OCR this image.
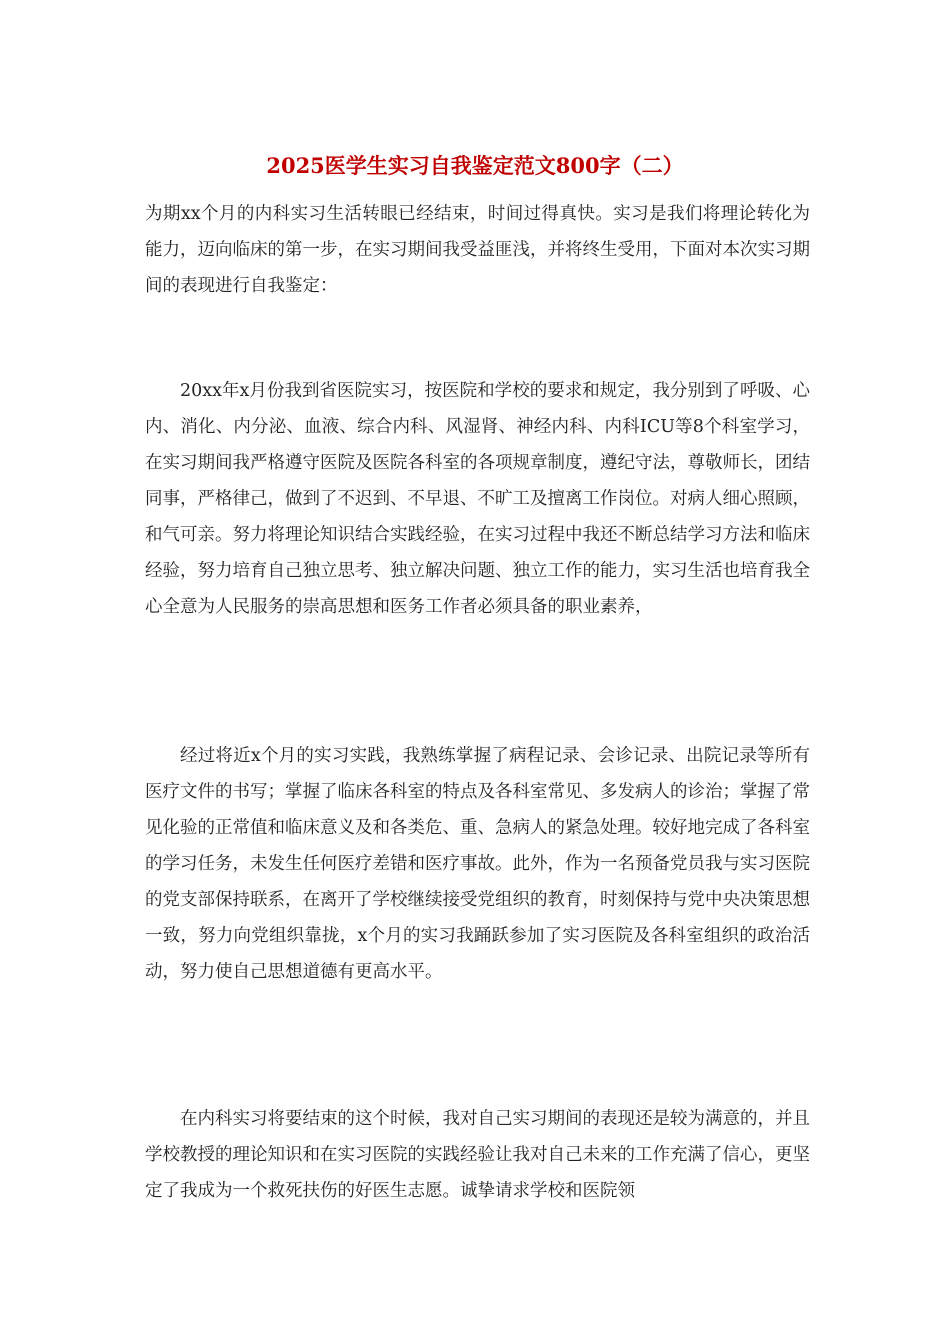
2025医学生实习自我鉴定范文800字（二）

为期xx个月的内科实习生活转眼已经结束，时间过得真快。实习是我们将理论转化为能力，迈向临床的第一步，在实习期间我受益匪浅，并将终生受用，下面对本次实习期间的表现进行自我鉴定：

20xx年x月份我到省医院实习，按医院和学校的要求和规定，我分别到了呼吸、心内、消化、内分泌、血液、综合内科、风湿肾、神经内科、内科ICU等8个科室学习，在实习期间我严格遵守医院及医院各科室的各项规章制度，遵纪守法，尊敬师长，团结同事，严格律己，做到了不迟到、不早退、不旷工及擅离工作岗位。对病人细心照顾，和气可亲。努力将理论知识结合实践经验，在实习过程中我还不断总结学习方法和临床经验，努力培育自己独立思考、独立解决问题、独立工作的能力，实习生活也培育我全心全意为人民服务的崇高思想和医务工作者必须具备的职业素养，

经过将近x个月的实习实践，我熟练掌握了病程记录、会诊记录、出院记录等所有医疗文件的书写；掌握了临床各科室的特点及各科室常见、多发病人的诊治；掌握了常见化验的正常值和临床意义及和各类危、重、急病人的紧急处理。较好地完成了各科室的学习任务，未发生任何医疗差错和医疗事故。此外，作为一名预备党员我与实习医院的党支部保持联系，在离开了学校继续接受党组织的教育，时刻保持与党中央决策思想一致，努力向党组织靠拢，x个月的实习我踊跃参加了实习医院及各科室组织的政治活动，努力使自己思想道德有更高水平。

在内科实习将要结束的这个时候，我对自己实习期间的表现还是较为满意的，并且学校教授的理论知识和在实习医院的实践经验让我对自己未来的工作充满了信心，更坚定了我成为一个救死扶伤的好医生志愿。诚挚请求学校和医院领
